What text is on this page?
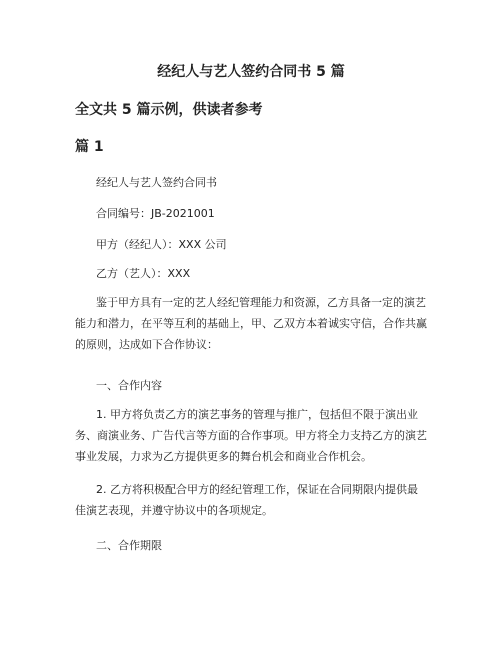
经纪人与艺人签约合同书 5 篇
全文共 5 篇示例，供读者参考
篇 1
经纪人与艺人签约合同书
合同编号：JB-2021001
甲方（经纪人）：XXX 公司
乙方（艺人）：XXX
鉴于甲方具有一定的艺人经纪管理能力和资源，乙方具备一定的演艺能力和潜力，在平等互利的基础上，甲、乙双方本着诚实守信，合作共赢的原则，达成如下合作协议：
一、合作内容
1. 甲方将负责乙方的演艺事务的管理与推广，包括但不限于演出业务、商演业务、广告代言等方面的合作事项。甲方将全力支持乙方的演艺事业发展，力求为乙方提供更多的舞台机会和商业合作机会。
2. 乙方将积极配合甲方的经纪管理工作，保证在合同期限内提供最佳演艺表现，并遵守协议中的各项规定。
二、合作期限
